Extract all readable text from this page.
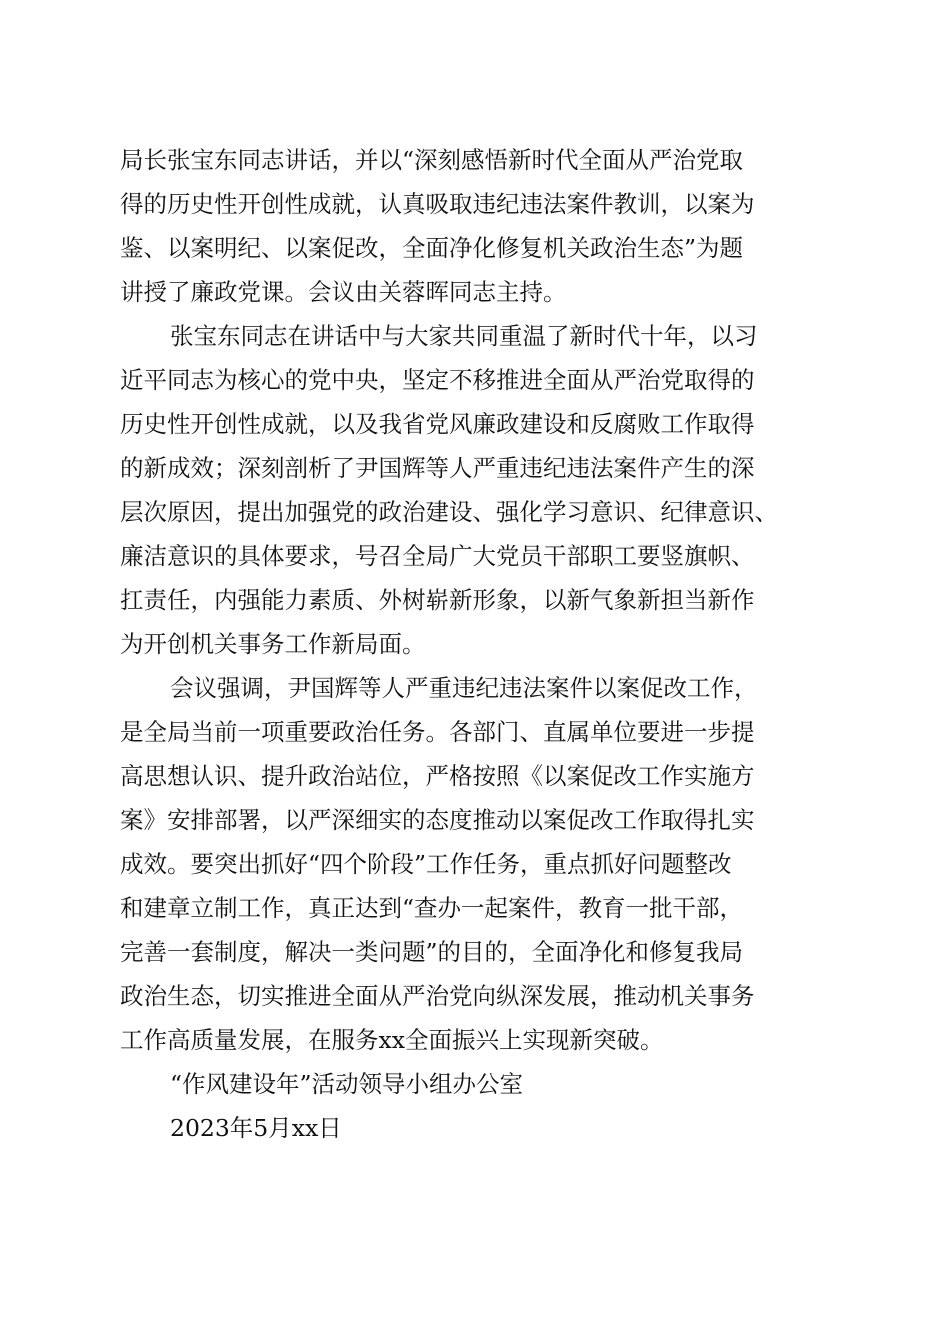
局长张宝东同志讲话，并以“深刻感悟新时代全面从严治党取
得的历史性开创性成就，认真吸取违纪违法案件教训，以案为
鉴、以案明纪、以案促改，全面净化修复机关政治生态”为题
讲授了廉政党课。会议由关蓉晖同志主持。
张宝东同志在讲话中与大家共同重温了新时代十年，以习
近平同志为核心的党中央，坚定不移推进全面从严治党取得的
历史性开创性成就，以及我省党风廉政建设和反腐败工作取得
的新成效；深刻剖析了尹国辉等人严重违纪违法案件产生的深
层次原因，提出加强党的政治建设、强化学习意识、纪律意识、
廉洁意识的具体要求，号召全局广大党员干部职工要竖旗帜、
扛责任，内强能力素质、外树崭新形象，以新气象新担当新作
为开创机关事务工作新局面。
会议强调，尹国辉等人严重违纪违法案件以案促改工作，
是全局当前一项重要政治任务。各部门、直属单位要进一步提
高思想认识、提升政治站位，严格按照《以案促改工作实施方
案》安排部署，以严深细实的态度推动以案促改工作取得扎实
成效。要突出抓好“四个阶段”工作任务，重点抓好问题整改
和建章立制工作，真正达到“查办一起案件，教育一批干部，
完善一套制度，解决一类问题”的目的，全面净化和修复我局
政治生态，切实推进全面从严治党向纵深发展，推动机关事务
工作高质量发展，在服务xx全面振兴上实现新突破。
“作风建设年”活动领导小组办公室
2023年5月xx日
